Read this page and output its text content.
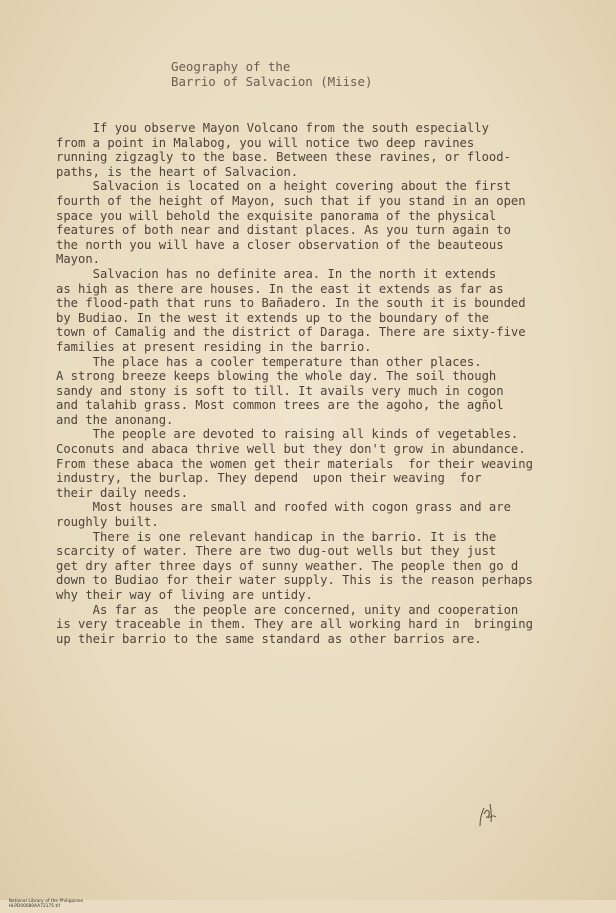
Geography of the
Barrio of Salvacion (Miise)
If you observe Mayon Volcano from the south especially
from a point in Malabog, you will notice two deep ravines
running zigzagly to the base. Between these ravines, or flood-
paths, is the heart of Salvacion.
Salvacion is located on a height covering about the first
fourth of the height of Mayon, such that if you stand in an open
space you will behold the exquisite panorama of the physical
features of both near and distant places. As you turn again to
the north you will have a closer observation of the beauteous
Mayon.
Salvacion has no definite area. In the north it extends
as high as there are houses. In the east it extends as far as
the flood-path that runs to Bañadero. In the south it is bounded
by Budiao. In the west it extends up to the boundary of the
town of Camalig and the district of Daraga. There are sixty-five
families at present residing in the barrio.
The place has a cooler temperature than other places.
A strong breeze keeps blowing the whole day. The soil though
sandy and stony is soft to till. It avails very much in cogon
and talahib grass. Most common trees are the agoho, the agñol
and the anonang.
The people are devoted to raising all kinds of vegetables.
Coconuts and abaca thrive well but they don't grow in abundance.
From these abaca the women get their materials  for their weaving
industry, the burlap. They depend  upon their weaving  for
their daily needs.
Most houses are small and roofed with cogon grass and are
roughly built.
There is one relevant handicap in the barrio. It is the
scarcity of water. There are two dug-out wells but they just
get dry after three days of sunny weather. The people then go d
down to Budiao for their water supply. This is the reason perhaps
why their way of living are untidy.
As far as  the people are concerned, unity and cooperation
is very traceable in them. They are all working hard in  bringing
up their barrio to the same standard as other barrios are.

National Library of the Philippines
HLPD00080AA72175.tif
